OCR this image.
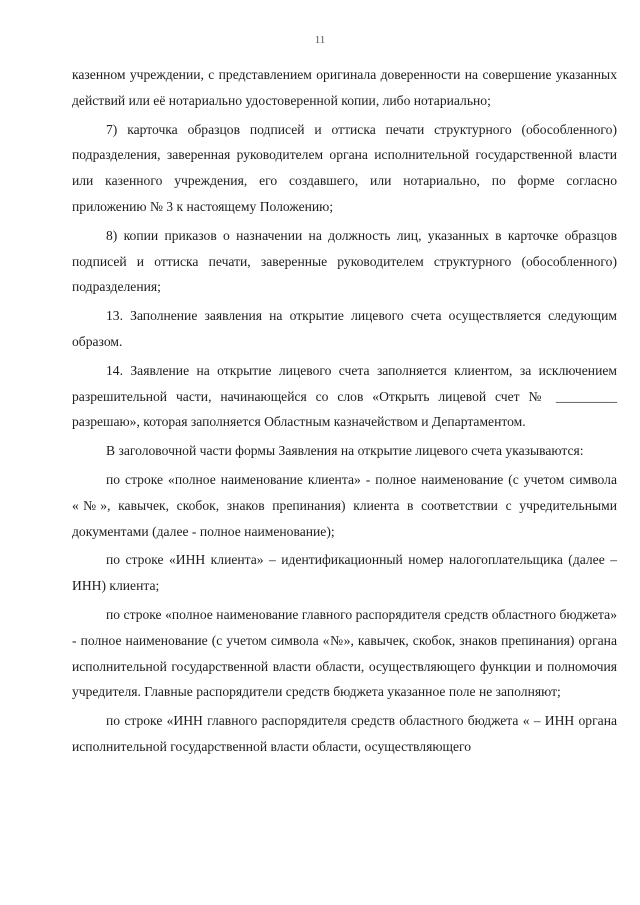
11

казенном учреждении, с представлением оригинала доверенности на совершение указанных действий или её нотариально удостоверенной копии, либо нотариально;

7) карточка образцов подписей и оттиска печати структурного (обособленного) подразделения, заверенная руководителем органа исполнительной государственной власти или казенного учреждения, его создавшего, или нотариально, по форме согласно приложению № 3 к настоящему Положению;

8) копии приказов о назначении на должность лиц, указанных в карточке образцов подписей и оттиска печати, заверенные руководителем структурного (обособленного) подразделения;

13. Заполнение заявления на открытие лицевого счета осуществляется следующим образом.

14. Заявление на открытие лицевого счета заполняется клиентом, за исключением разрешительной части, начинающейся со слов «Открыть лицевой счет № _________ разрешаю», которая заполняется Областным казначейством и Департаментом.

В заголовочной части формы Заявления на открытие лицевого счета указываются:

по строке «полное наименование клиента» - полное наименование (с учетом символа «№», кавычек, скобок, знаков препинания) клиента в соответствии с учредительными документами (далее - полное наименование);

по строке «ИНН клиента» – идентификационный номер налогоплательщика (далее – ИНН) клиента;

по строке «полное наименование главного распорядителя средств областного бюджета» - полное наименование (с учетом символа «№», кавычек, скобок, знаков препинания) органа исполнительной государственной власти области, осуществляющего функции и полномочия учредителя. Главные распорядители средств бюджета указанное поле не заполняют;

по строке «ИНН главного распорядителя средств областного бюджета « – ИНН органа исполнительной государственной власти области, осуществляющего
